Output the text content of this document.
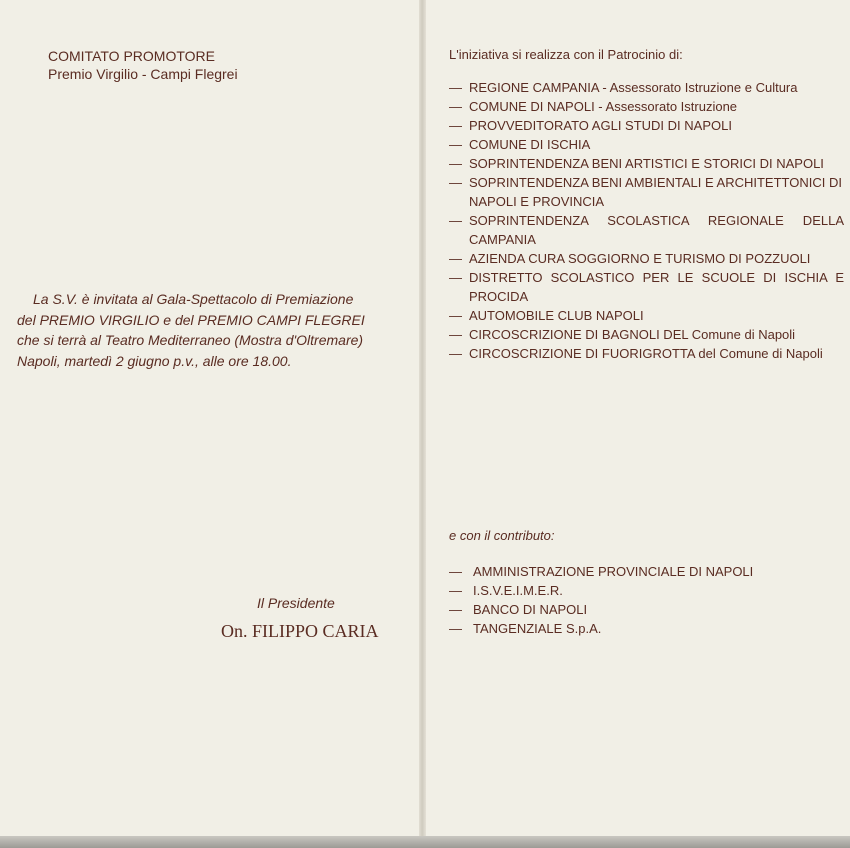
COMITATO PROMOTORE
Premio Virgilio - Campi Flegrei
La S.V. è invitata al Gala-Spettacolo di Premiazione
del PREMIO VIRGILIO e del PREMIO CAMPI FLEGREI
che si terrà al Teatro Mediterraneo (Mostra d'Oltremare)
Napoli, martedì 2 giugno p.v., alle ore 18.00.
Il Presidente
On. FILIPPO CARIA
L'iniziativa si realizza con il Patrocinio di:
— REGIONE CAMPANIA - Assessorato Istruzione e Cultura
— COMUNE DI NAPOLI - Assessorato Istruzione
— PROVVEDITORATO AGLI STUDI DI NAPOLI
— COMUNE DI ISCHIA
— SOPRINTENDENZA BENI ARTISTICI E STORICI DI NAPOLI
— SOPRINTENDENZA BENI AMBIENTALI E ARCHITETTONICI DI NAPOLI E PROVINCIA
— SOPRINTENDENZA SCOLASTICA REGIONALE DELLA CAMPANIA
— AZIENDA CURA SOGGIORNO E TURISMO DI POZZUOLI
— DISTRETTO SCOLASTICO PER LE SCUOLE DI ISCHIA E PROCIDA
— AUTOMOBILE CLUB NAPOLI
— CIRCOSCRIZIONE DI BAGNOLI DEL Comune di Napoli
— CIRCOSCRIZIONE DI FUORIGROTTA del Comune di Napoli
e con il contributo:
— AMMINISTRAZIONE PROVINCIALE DI NAPOLI
— I.S.V.E.I.M.E.R.
— BANCO DI NAPOLI
— TANGENZIALE S.p.A.
